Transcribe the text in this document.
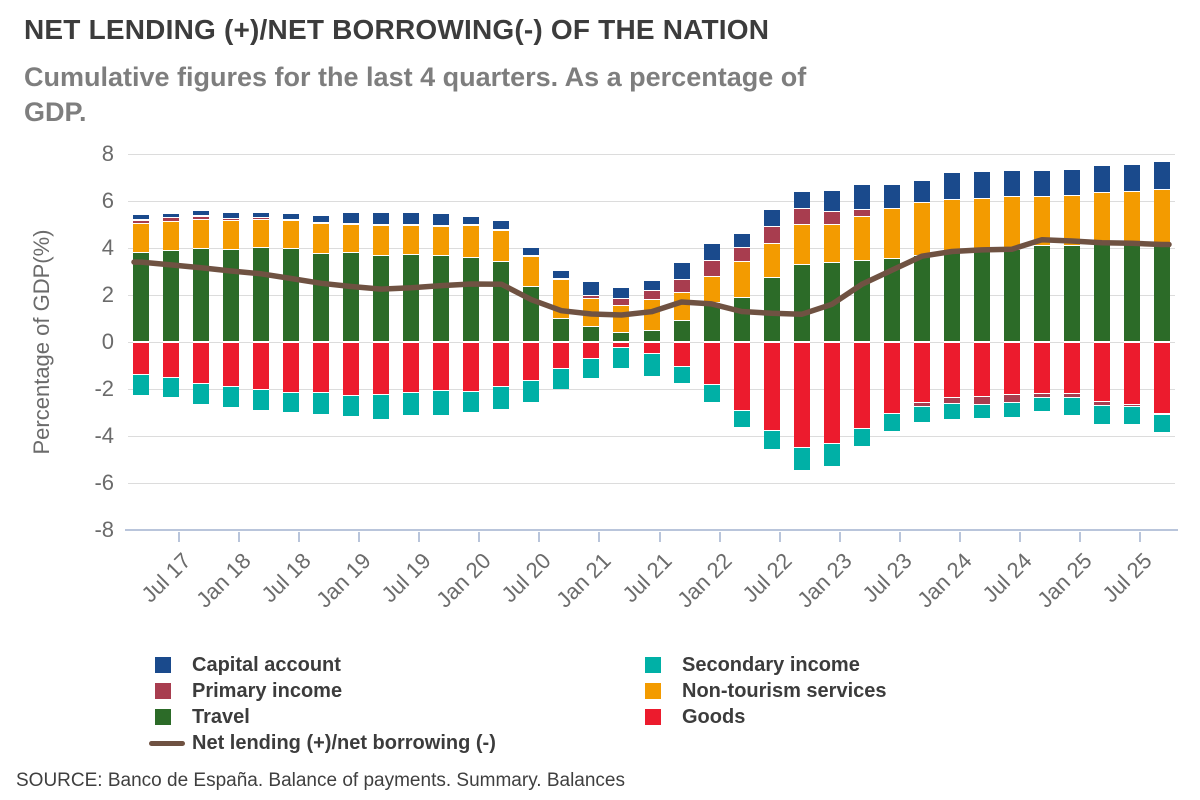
NET LENDING (+)/NET BORROWING(-) OF THE NATION
Cumulative figures for the last 4 quarters. As a percentage of
GDP.
Percentage of GDP(%)
8
6
4
2
0
-2
-4
-6
-8
Jul 17
Jan 18 Jul 18
Jan 19 Jul 19
Jan 20 Jul 20
Jan 21 Jul 21
Jan 22 Jul 22
Jan 23 Jul 23
Jan 24 Jul 24
Jan 25 Jul 25
Capital account
Primary income
Travel
Net lending (+)/net borrowing (-)
Secondary income
Non-tourism services
Goods
SOURCE: Banco de España. Balance of payments. Summary. Balances
